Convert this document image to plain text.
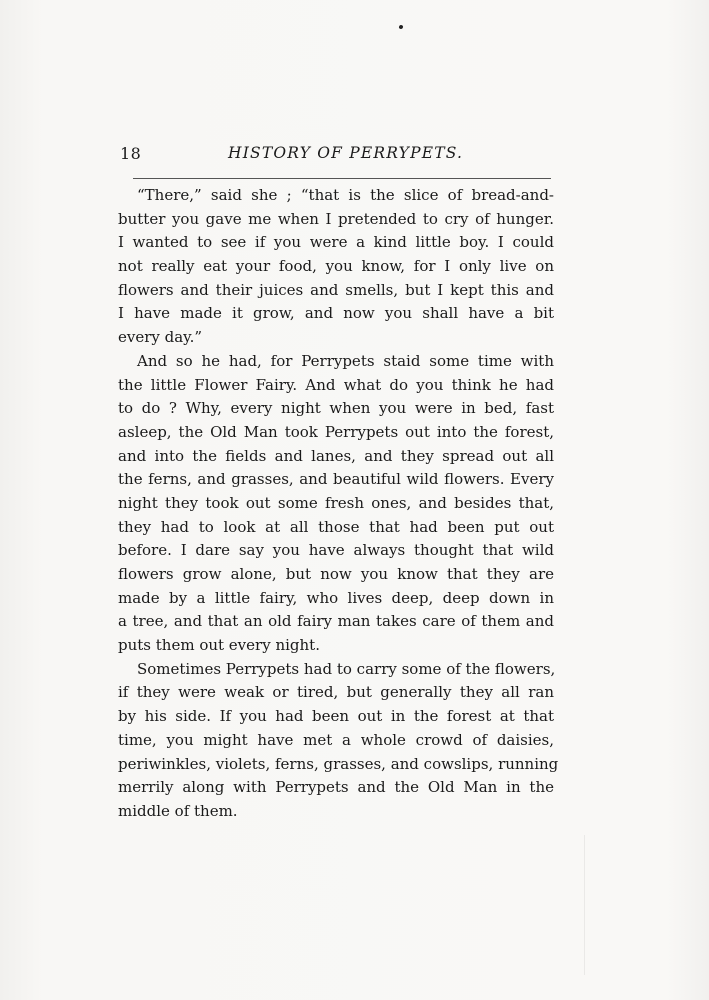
18	HISTORY OF PERRYPETS.
“There,” said she ; “that is the slice of bread-and-
butter you gave me when I pretended to cry of hunger.
I wanted to see if you were a kind little boy. I could
not really eat your food, you know, for I only live on
flowers and their juices and smells, but I kept this and
I have made it grow, and now you shall have a bit
every day.”
And so he had, for Perrypets staid some time with
the little Flower Fairy. And what do you think he had
to do ? Why, every night when you were in bed, fast
asleep, the Old Man took Perrypets out into the forest,
and into the fields and lanes, and they spread out all
the ferns, and grasses, and beautiful wild flowers. Every
night they took out some fresh ones, and besides that,
they had to look at all those that had been put out
before. I dare say you have always thought that wild
flowers grow alone, but now you know that they are
made by a little fairy, who lives deep, deep down in
a tree, and that an old fairy man takes care of them and
puts them out every night.
Sometimes Perrypets had to carry some of the flowers,
if they were weak or tired, but generally they all ran
by his side. If you had been out in the forest at that
time, you might have met a whole crowd of daisies,
periwinkles, violets, ferns, grasses, and cowslips, running
merrily along with Perrypets and the Old Man in the
middle of them.
